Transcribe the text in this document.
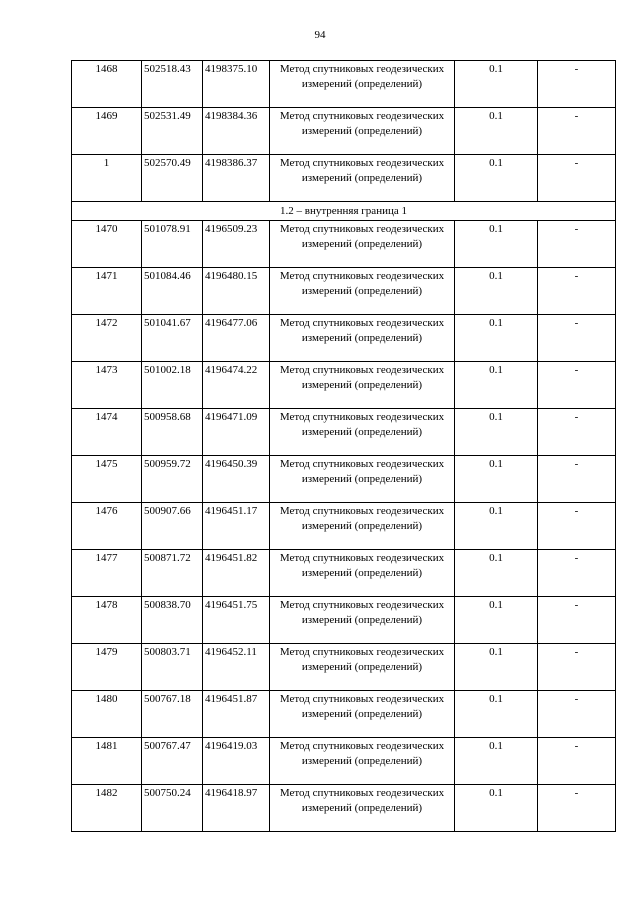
94
1468	502518.43	4198375.10	Метод спутниковых геодезических измерений (определений)	0.1	-
1469	502531.49	4198384.36	Метод спутниковых геодезических измерений (определений)	0.1	-
1	502570.49	4198386.37	Метод спутниковых геодезических измерений (определений)	0.1	-
1.2 – внутренняя граница 1					
1470	501078.91	4196509.23	Метод спутниковых геодезических измерений (определений)	0.1	-
1471	501084.46	4196480.15	Метод спутниковых геодезических измерений (определений)	0.1	-
1472	501041.67	4196477.06	Метод спутниковых геодезических измерений (определений)	0.1	-
1473	501002.18	4196474.22	Метод спутниковых геодезических измерений (определений)	0.1	-
1474	500958.68	4196471.09	Метод спутниковых геодезических измерений (определений)	0.1	-
1475	500959.72	4196450.39	Метод спутниковых геодезических измерений (определений)	0.1	-
1476	500907.66	4196451.17	Метод спутниковых геодезических измерений (определений)	0.1	-
1477	500871.72	4196451.82	Метод спутниковых геодезических измерений (определений)	0.1	-
1478	500838.70	4196451.75	Метод спутниковых геодезических измерений (определений)	0.1	-
1479	500803.71	4196452.11	Метод спутниковых геодезических измерений (определений)	0.1	-
1480	500767.18	4196451.87	Метод спутниковых геодезических измерений (определений)	0.1	-
1481	500767.47	4196419.03	Метод спутниковых геодезических измерений (определений)	0.1	-
1482	500750.24	4196418.97	Метод спутниковых геодезических измерений (определений)	0.1	-
